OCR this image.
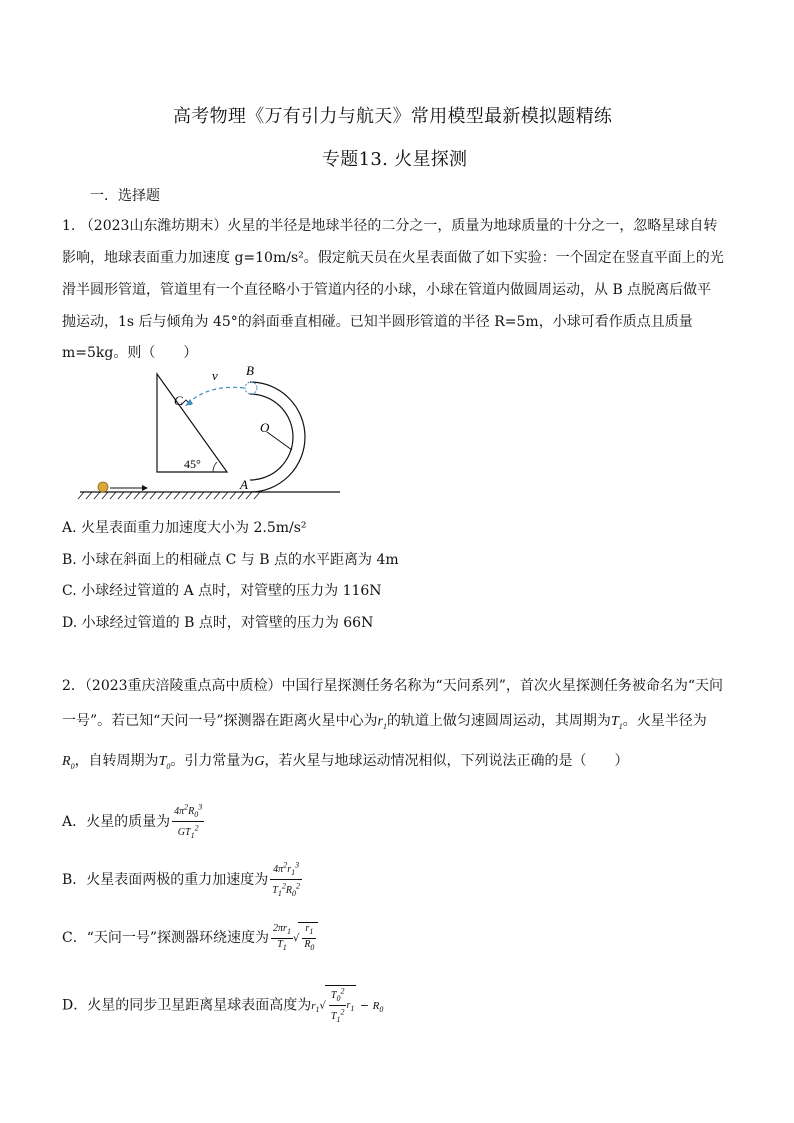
高考物理《万有引力与航天》常用模型最新模拟题精练
专题13. 火星探测
一．选择题
1. （2023山东潍坊期末）火星的半径是地球半径的二分之一，质量为地球质量的十分之一，忽略星球自转
影响，地球表面重力加速度 g=10m/s²。假定航天员在火星表面做了如下实验：一个固定在竖直平面上的光
滑半圆形管道，管道里有一个直径略小于管道内径的小球，小球在管道内做圆周运动，从 B 点脱离后做平
抛运动，1s 后与倾角为 45°的斜面垂直相碰。已知半圆形管道的半径 R=5m，小球可看作质点且质量
m=5kg。则（　　）
v B
C
O
A
45°
A. 火星表面重力加速度大小为 2.5m/s²
B. 小球在斜面上的相碰点 C 与 B 点的水平距离为 4m
C. 小球经过管道的 A 点时，对管壁的压力为 116N
D. 小球经过管道的 B 点时，对管壁的压力为 66N
2．（2023重庆涪陵重点高中质检）中国行星探测任务名称为“天问系列”，首次火星探测任务被命名为“天问
一号”。若已知“天问一号”探测器在距离火星中心为$r_1$的轨道上做匀速圆周运动，其周期为$T_1$。火星半径为
$R_0$，自转周期为$T_0$。引力常量为G，若火星与地球运动情况相似，下列说法正确的是（　　）
A．火星的质量为 $\frac{4\pi^2R_0^3}{GT_1^2}$
B．火星表面两极的重力加速度为 $\frac{4\pi^2r_1^3}{T_1^2R_0^2}$
C．“天问一号”探测器环绕速度为 $\frac{2\pi r_1}{T_1}$ √ $\frac{r_1}{R_0}$
D．火星的同步卫星距离星球表面高度为$r_1√ \frac{T_0^2}{T_1^2} r_1 - R_0$
